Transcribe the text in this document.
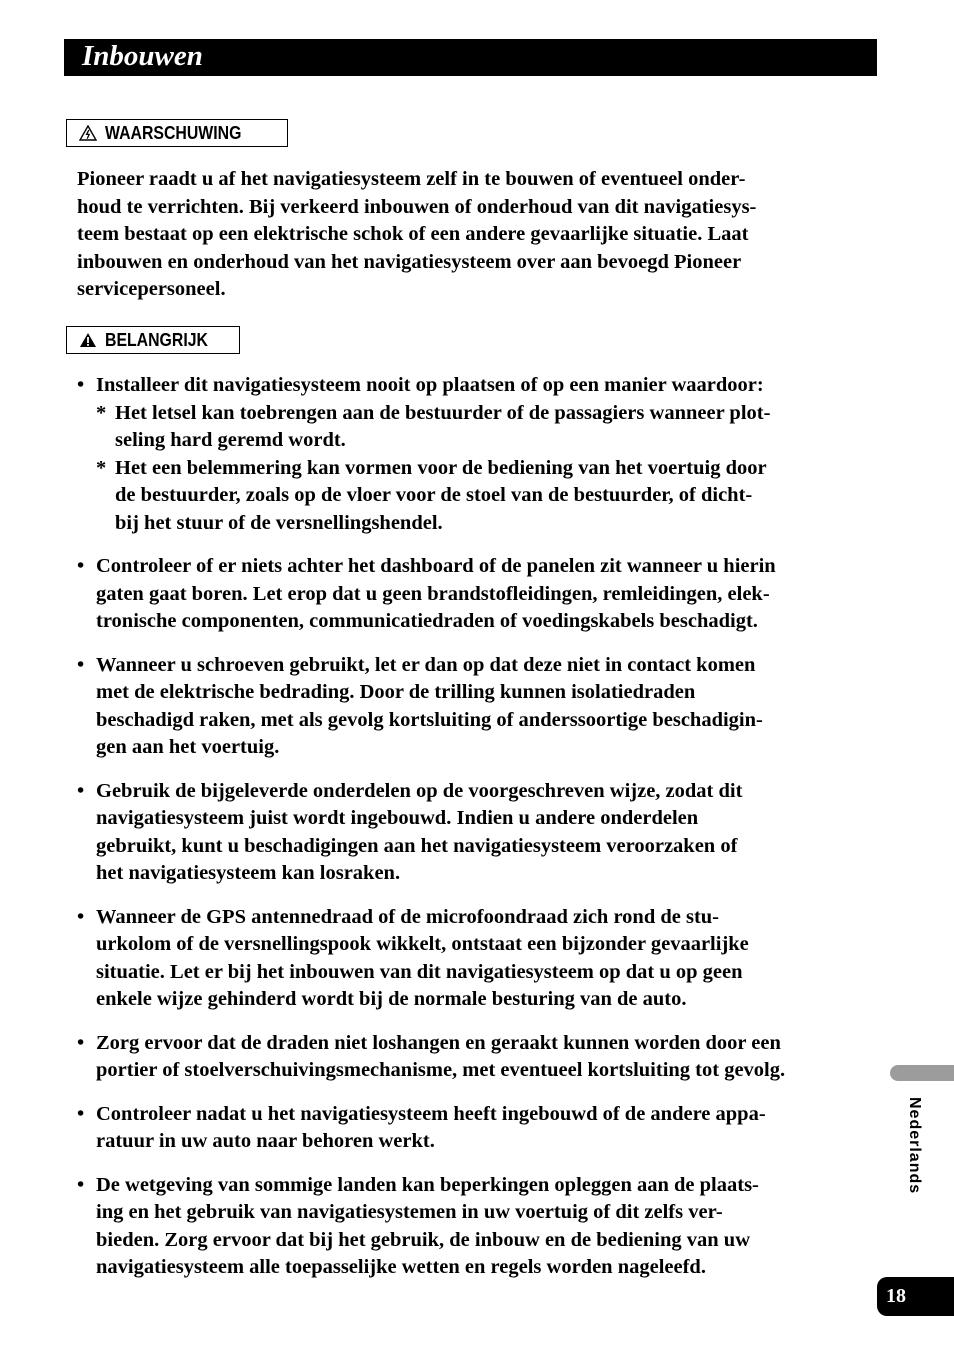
Inbouwen
WAARSCHUWING
Pioneer raadt u af het navigatiesysteem zelf in te bouwen of eventueel onder-
houd te verrichten. Bij verkeerd inbouwen of onderhoud van dit navigatiesys-
teem bestaat op een elektrische schok of een andere gevaarlijke situatie. Laat
inbouwen en onderhoud van het navigatiesysteem over aan bevoegd Pioneer
servicepersoneel.
BELANGRIJK
• Installeer dit navigatiesysteem nooit op plaatsen of op een manier waardoor:
* Het letsel kan toebrengen aan de bestuurder of de passagiers wanneer plot-
seling hard geremd wordt.
* Het een belemmering kan vormen voor de bediening van het voertuig door
de bestuurder, zoals op de vloer voor de stoel van de bestuurder, of dicht-
bij het stuur of de versnellingshendel.
• Controleer of er niets achter het dashboard of de panelen zit wanneer u hierin
gaten gaat boren. Let erop dat u geen brandstofleidingen, remleidingen, elek-
tronische componenten, communicatiedraden of voedingskabels beschadigt.
• Wanneer u schroeven gebruikt, let er dan op dat deze niet in contact komen
met de elektrische bedrading. Door de trilling kunnen isolatiedraden
beschadigd raken, met als gevolg kortsluiting of anderssoortige beschadigin-
gen aan het voertuig.
• Gebruik de bijgeleverde onderdelen op de voorgeschreven wijze, zodat dit
navigatiesysteem juist wordt ingebouwd. Indien u andere onderdelen
gebruikt, kunt u beschadigingen aan het navigatiesysteem veroorzaken of
het navigatiesysteem kan losraken.
• Wanneer de GPS antennedraad of de microfoondraad zich rond de stu-
urkolom of de versnellingspook wikkelt, ontstaat een bijzonder gevaarlijke
situatie. Let er bij het inbouwen van dit navigatiesysteem op dat u op geen
enkele wijze gehinderd wordt bij de normale besturing van de auto.
• Zorg ervoor dat de draden niet loshangen en geraakt kunnen worden door een
portier of stoelverschuivingsmechanisme, met eventueel kortsluiting tot gevolg.
• Controleer nadat u het navigatiesysteem heeft ingebouwd of de andere appa-
ratuur in uw auto naar behoren werkt.
• De wetgeving van sommige landen kan beperkingen opleggen aan de plaats-
ing en het gebruik van navigatiesystemen in uw voertuig of dit zelfs ver-
bieden. Zorg ervoor dat bij het gebruik, de inbouw en de bediening van uw
navigatiesysteem alle toepasselijke wetten en regels worden nageleefd.
Nederlands
18
